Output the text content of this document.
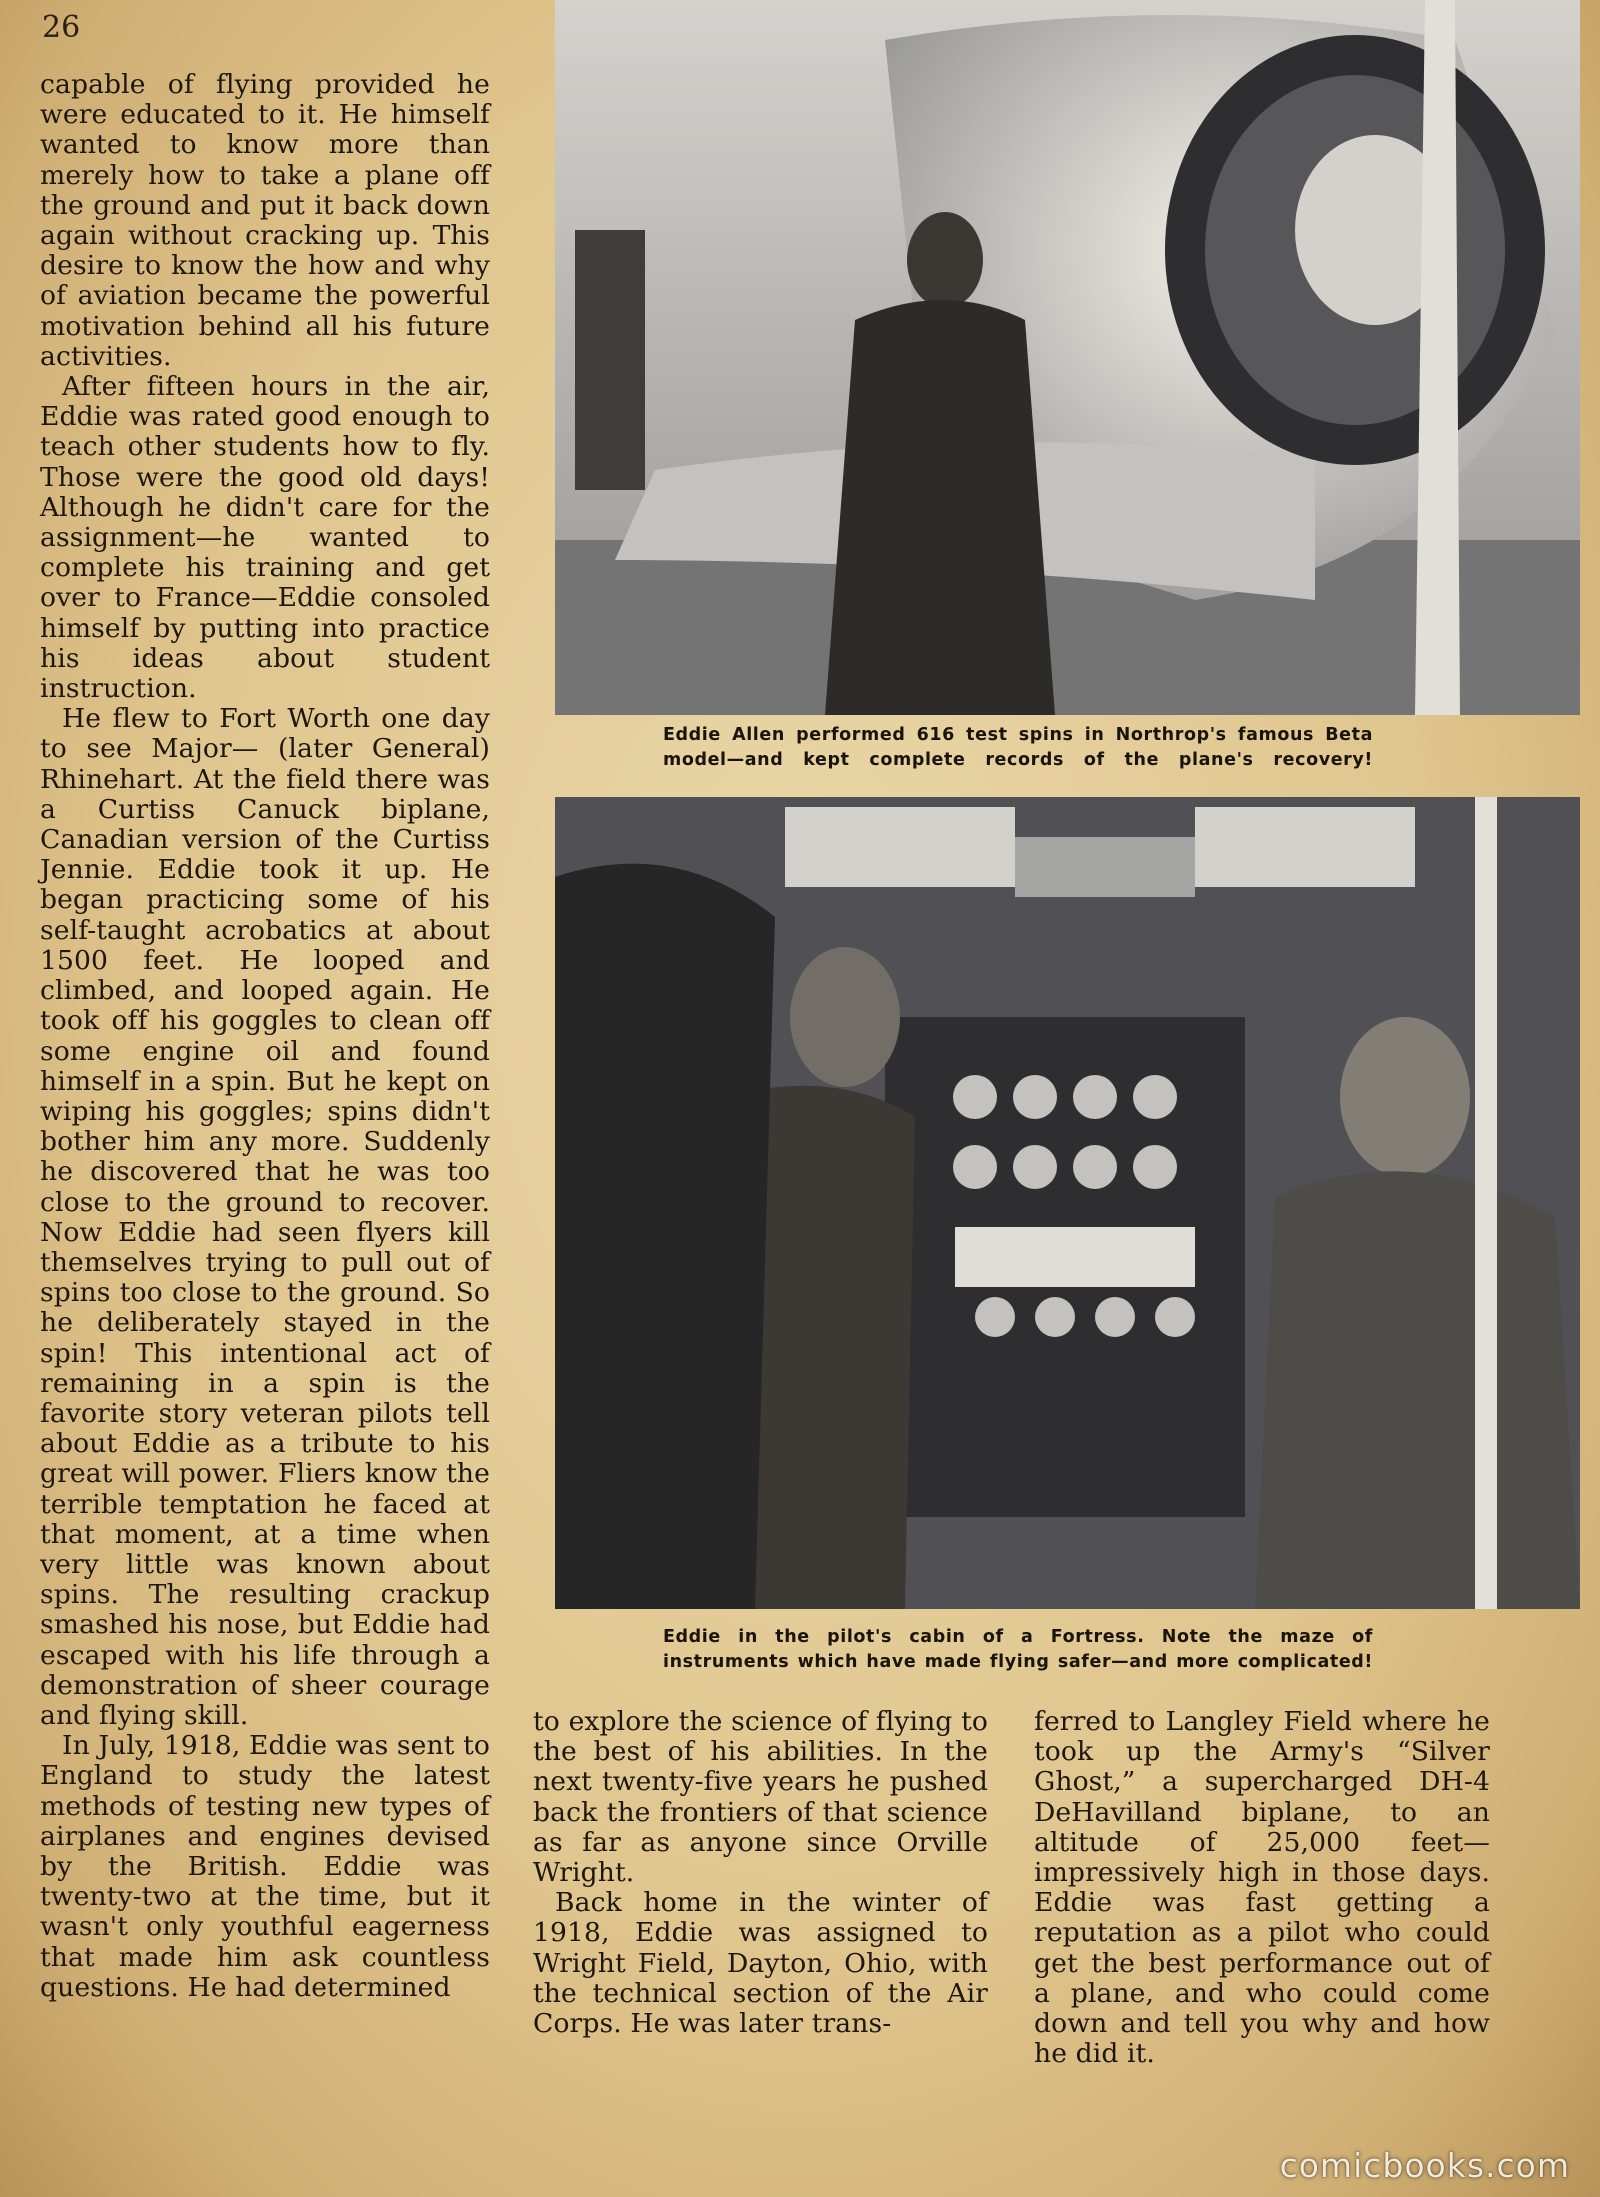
26

capable of flying provided he were educated to it. He himself wanted to know more than merely how to take a plane off the ground and put it back down again without cracking up. This desire to know the how and why of aviation became the powerful motivation behind all his future activities.

After fifteen hours in the air, Eddie was rated good enough to teach other students how to fly. Those were the good old days! Although he didn't care for the assignment—he wanted to complete his training and get over to France—Eddie consoled himself by putting into practice his ideas about student instruction.

He flew to Fort Worth one day to see Major— (later General) Rhinehart. At the field there was a Curtiss Canuck biplane, Canadian version of the Curtiss Jennie. Eddie took it up. He began practicing some of his self-taught acrobatics at about 1500 feet. He looped and climbed, and looped again. He took off his goggles to clean off some engine oil and found himself in a spin. But he kept on wiping his goggles; spins didn't bother him any more. Suddenly he discovered that he was too close to the ground to recover. Now Eddie had seen flyers kill themselves trying to pull out of spins too close to the ground. So he deliberately stayed in the spin! This intentional act of remaining in a spin is the favorite story veteran pilots tell about Eddie as a tribute to his great will power. Fliers know the terrible temptation he faced at that moment, at a time when very little was known about spins. The resulting crackup smashed his nose, but Eddie had escaped with his life through a demonstration of sheer courage and flying skill.

In July, 1918, Eddie was sent to England to study the latest methods of testing new types of airplanes and engines devised by the British. Eddie was twenty-two at the time, but it wasn't only youthful eagerness that made him ask countless questions. He had determined

Eddie Allen performed 616 test spins in Northrop's famous Beta model—and kept complete records of the plane's recovery!
Eddie in the pilot's cabin of a Fortress. Note the maze of instruments which have made flying safer—and more complicated!

to explore the science of flying to the best of his abilities. In the next twenty-five years he pushed back the frontiers of that science as far as anyone since Orville Wright.

Back home in the winter of 1918, Eddie was assigned to Wright Field, Dayton, Ohio, with the technical section of the Air Corps. He was later trans-

ferred to Langley Field where he took up the Army's “Silver Ghost,” a supercharged DH-4 DeHavilland biplane, to an altitude of 25,000 feet—impressively high in those days. Eddie was fast getting a reputation as a pilot who could get the best performance out of a plane, and who could come down and tell you why and how he did it.

comicbooks.com
